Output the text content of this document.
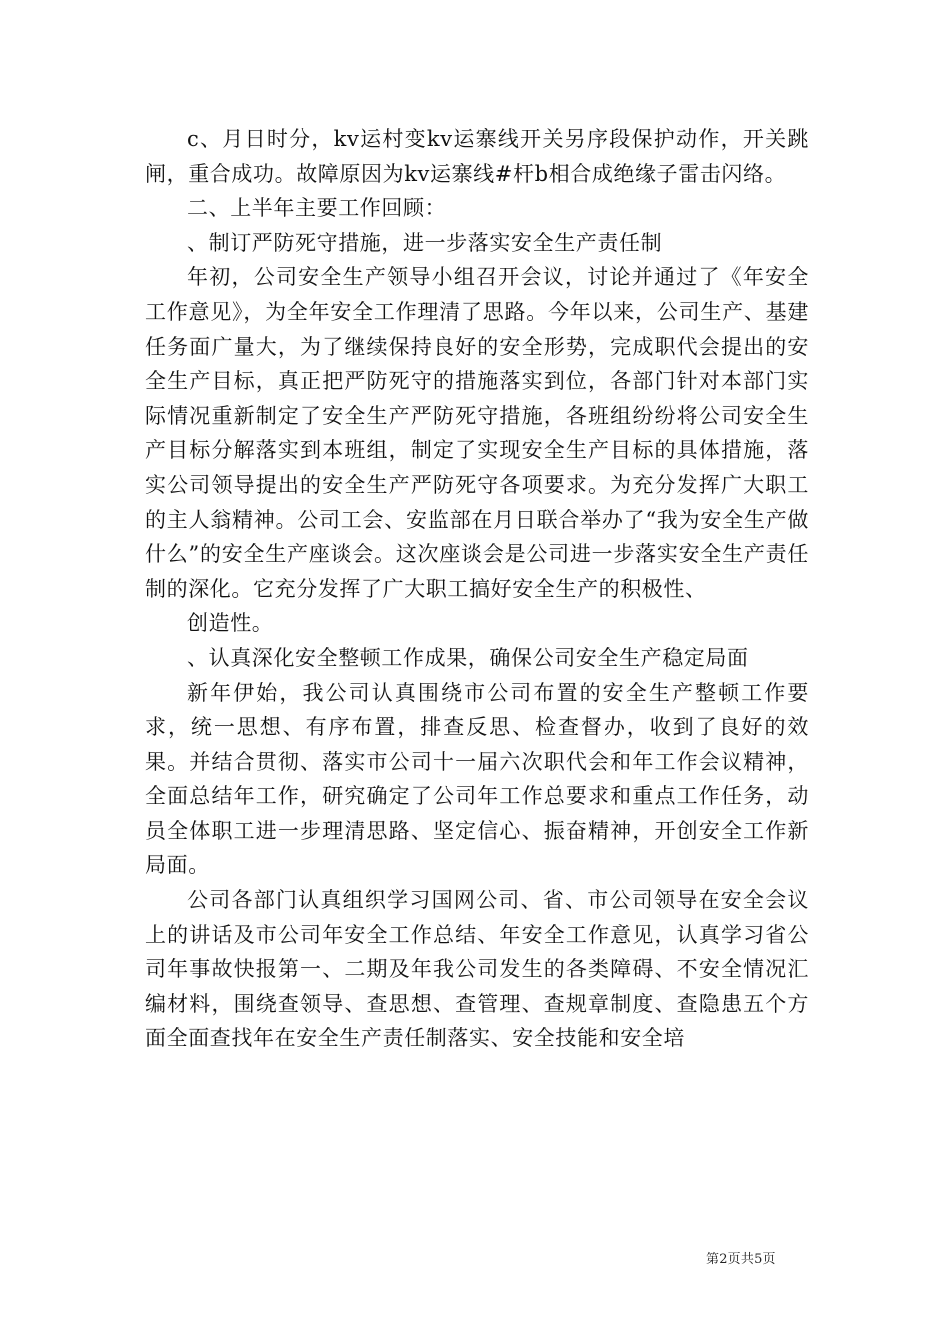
c、月日时分，kv运村变kv运寨线开关另序段保护动作，开关跳闸，重合成功。故障原因为kv运寨线#杆b相合成绝缘子雷击闪络。

二、上半年主要工作回顾：

、制订严防死守措施，进一步落实安全生产责任制

年初，公司安全生产领导小组召开会议，讨论并通过了《年安全工作意见》，为全年安全工作理清了思路。今年以来，公司生产、基建任务面广量大，为了继续保持良好的安全形势，完成职代会提出的安全生产目标，真正把严防死守的措施落实到位，各部门针对本部门实际情况重新制定了安全生产严防死守措施，各班组纷纷将公司安全生产目标分解落实到本班组，制定了实现安全生产目标的具体措施，落实公司领导提出的安全生产严防死守各项要求。为充分发挥广大职工的主人翁精神。公司工会、安监部在月日联合举办了“我为安全生产做什么”的安全生产座谈会。这次座谈会是公司进一步落实安全生产责任制的深化。它充分发挥了广大职工搞好安全生产的积极性、

创造性。

、认真深化安全整顿工作成果，确保公司安全生产稳定局面

新年伊始，我公司认真围绕市公司布置的安全生产整顿工作要求，统一思想、有序布置，排查反思、检查督办，收到了良好的效果。并结合贯彻、落实市公司十一届六次职代会和年工作会议精神，全面总结年工作，研究确定了公司年工作总要求和重点工作任务，动员全体职工进一步理清思路、坚定信心、振奋精神，开创安全工作新局面。

公司各部门认真组织学习国网公司、省、市公司领导在安全会议上的讲话及市公司年安全工作总结、年安全工作意见，认真学习省公司年事故快报第一、二期及年我公司发生的各类障碍、不安全情况汇编材料，围绕查领导、查思想、查管理、查规章制度、查隐患五个方面全面查找年在安全生产责任制落实、安全技能和安全培

第2页共5页
